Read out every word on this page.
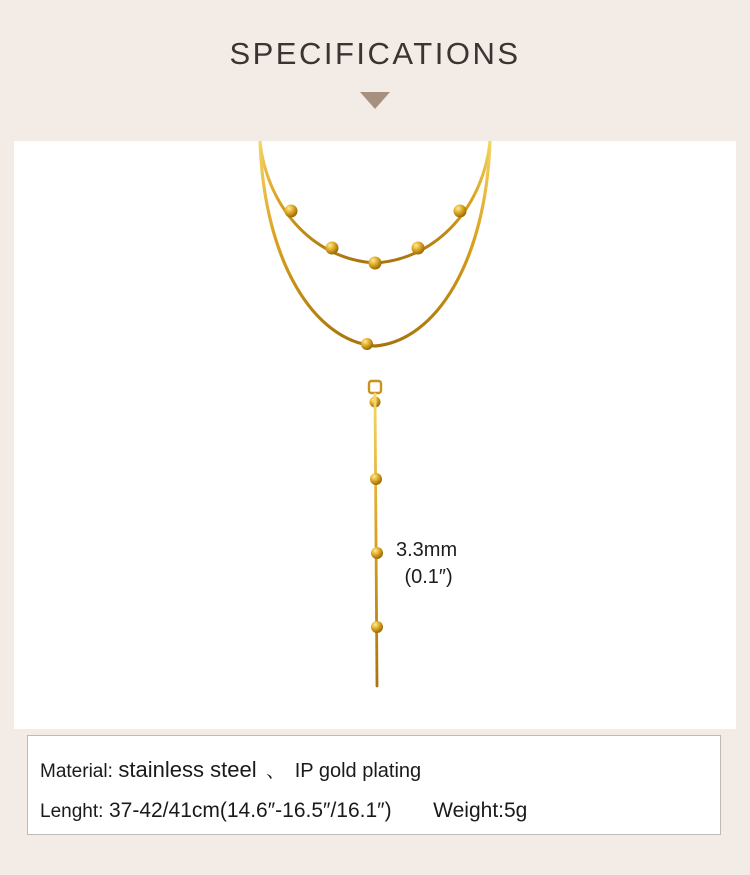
SPECIFICATIONS
3.3mm
(0.1″)
Material: stainless steel 、 IP gold plating
Lenght: 37-42/41cm(14.6″-16.5″/16.1″) Weight:5g
